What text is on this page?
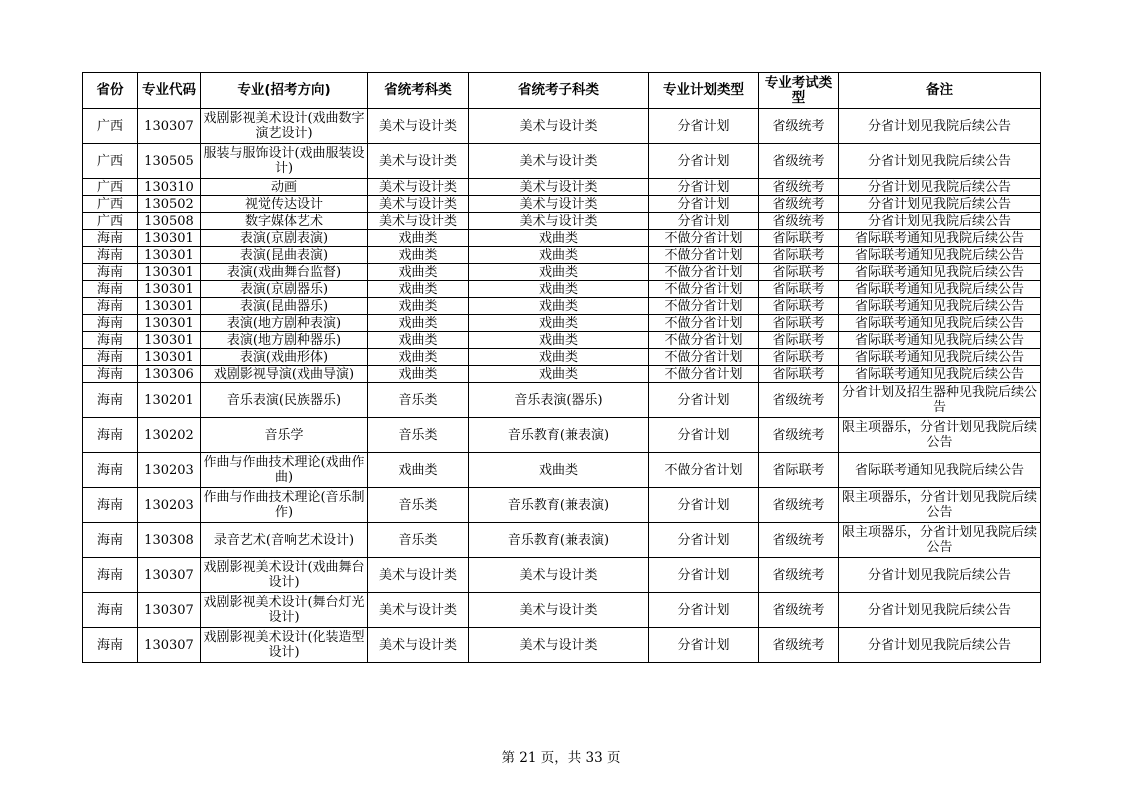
省份	专业代码	专业(招考方向)	省统考科类	省统考子科类	专业计划类型	专业考试类型	备注
广西	130307	戏剧影视美术设计(戏曲数字演艺设计)	美术与设计类	美术与设计类	分省计划	省级统考	分省计划见我院后续公告
广西	130505	服装与服饰设计(戏曲服装设计)	美术与设计类	美术与设计类	分省计划	省级统考	分省计划见我院后续公告
广西	130310	动画	美术与设计类	美术与设计类	分省计划	省级统考	分省计划见我院后续公告
广西	130502	视觉传达设计	美术与设计类	美术与设计类	分省计划	省级统考	分省计划见我院后续公告
广西	130508	数字媒体艺术	美术与设计类	美术与设计类	分省计划	省级统考	分省计划见我院后续公告
海南	130301	表演(京剧表演)	戏曲类	戏曲类	不做分省计划	省际联考	省际联考通知见我院后续公告
海南	130301	表演(昆曲表演)	戏曲类	戏曲类	不做分省计划	省际联考	省际联考通知见我院后续公告
海南	130301	表演(戏曲舞台监督)	戏曲类	戏曲类	不做分省计划	省际联考	省际联考通知见我院后续公告
海南	130301	表演(京剧器乐)	戏曲类	戏曲类	不做分省计划	省际联考	省际联考通知见我院后续公告
海南	130301	表演(昆曲器乐)	戏曲类	戏曲类	不做分省计划	省际联考	省际联考通知见我院后续公告
海南	130301	表演(地方剧种表演)	戏曲类	戏曲类	不做分省计划	省际联考	省际联考通知见我院后续公告
海南	130301	表演(地方剧种器乐)	戏曲类	戏曲类	不做分省计划	省际联考	省际联考通知见我院后续公告
海南	130301	表演(戏曲形体)	戏曲类	戏曲类	不做分省计划	省际联考	省际联考通知见我院后续公告
海南	130306	戏剧影视导演(戏曲导演)	戏曲类	戏曲类	不做分省计划	省际联考	省际联考通知见我院后续公告
海南	130201	音乐表演(民族器乐)	音乐类	音乐表演(器乐)	分省计划	省级统考	分省计划及招生器种见我院后续公告
海南	130202	音乐学	音乐类	音乐教育(兼表演)	分省计划	省级统考	限主项器乐，分省计划见我院后续公告
海南	130203	作曲与作曲技术理论(戏曲作曲)	戏曲类	戏曲类	不做分省计划	省际联考	省际联考通知见我院后续公告
海南	130203	作曲与作曲技术理论(音乐制作)	音乐类	音乐教育(兼表演)	分省计划	省级统考	限主项器乐，分省计划见我院后续公告
海南	130308	录音艺术(音响艺术设计)	音乐类	音乐教育(兼表演)	分省计划	省级统考	限主项器乐，分省计划见我院后续公告
海南	130307	戏剧影视美术设计(戏曲舞台设计)	美术与设计类	美术与设计类	分省计划	省级统考	分省计划见我院后续公告
海南	130307	戏剧影视美术设计(舞台灯光设计)	美术与设计类	美术与设计类	分省计划	省级统考	分省计划见我院后续公告
海南	130307	戏剧影视美术设计(化装造型设计)	美术与设计类	美术与设计类	分省计划	省级统考	分省计划见我院后续公告
第 21 页，共 33 页
